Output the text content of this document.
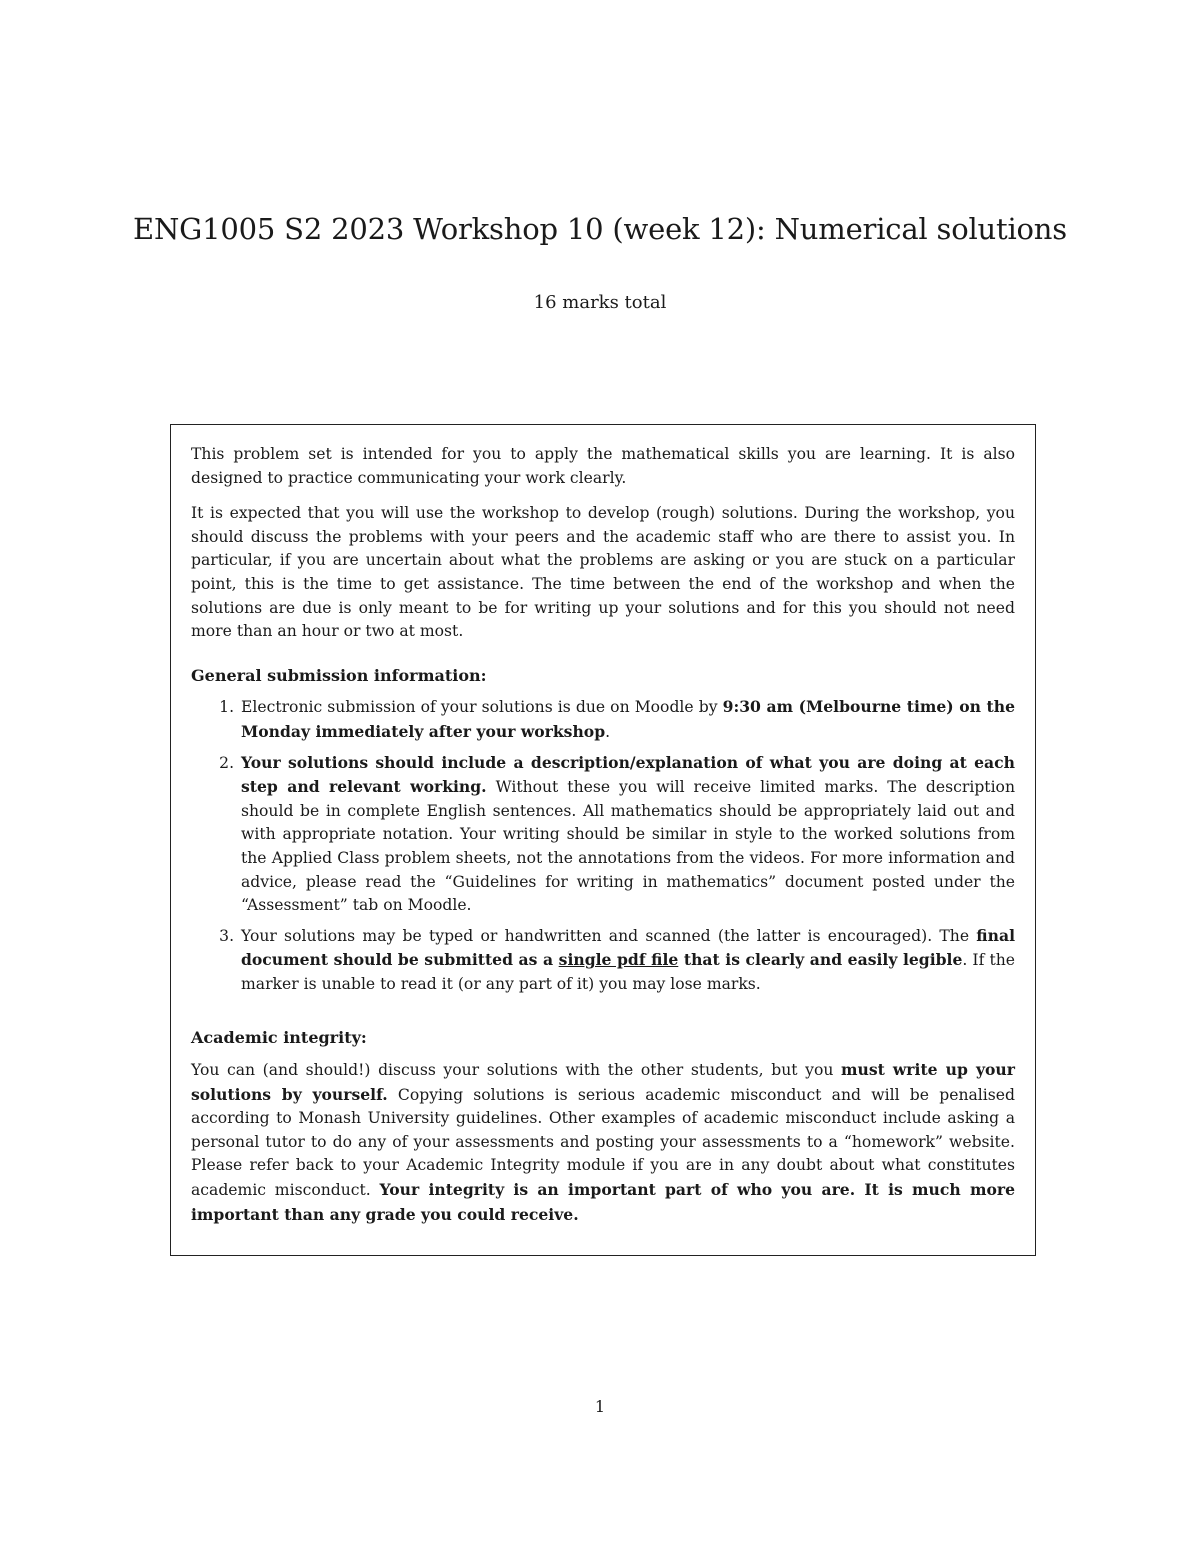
ENG1005 S2 2023 Workshop 10 (week 12): Numerical solutions
16 marks total

This problem set is intended for you to apply the mathematical skills you are learning. It is also designed to practice communicating your work clearly.

It is expected that you will use the workshop to develop (rough) solutions. During the workshop, you should discuss the problems with your peers and the academic staff who are there to assist you. In particular, if you are uncertain about what the problems are asking or you are stuck on a particular point, this is the time to get assistance. The time between the end of the workshop and when the solutions are due is only meant to be for writing up your solutions and for this you should not need more than an hour or two at most.

General submission information:
1. Electronic submission of your solutions is due on Moodle by 9:30 am (Melbourne time) on the Monday immediately after your workshop.
2. Your solutions should include a description/explanation of what you are doing at each step and relevant working. Without these you will receive limited marks. The description should be in complete English sentences. All mathematics should be appropriately laid out and with appropriate notation. Your writing should be similar in style to the worked solutions from the Applied Class problem sheets, not the annotations from the videos. For more information and advice, please read the “Guidelines for writing in mathematics” document posted under the “Assessment” tab on Moodle.
3. Your solutions may be typed or handwritten and scanned (the latter is encouraged). The final document should be submitted as a single pdf file that is clearly and easily legible. If the marker is unable to read it (or any part of it) you may lose marks.
Academic integrity:

You can (and should!) discuss your solutions with the other students, but you must write up your solutions by yourself. Copying solutions is serious academic misconduct and will be penalised according to Monash University guidelines. Other examples of academic misconduct include asking a personal tutor to do any of your assessments and posting your assessments to a “homework” website. Please refer back to your Academic Integrity module if you are in any doubt about what constitutes academic misconduct. Your integrity is an important part of who you are. It is much more important than any grade you could receive.

1
